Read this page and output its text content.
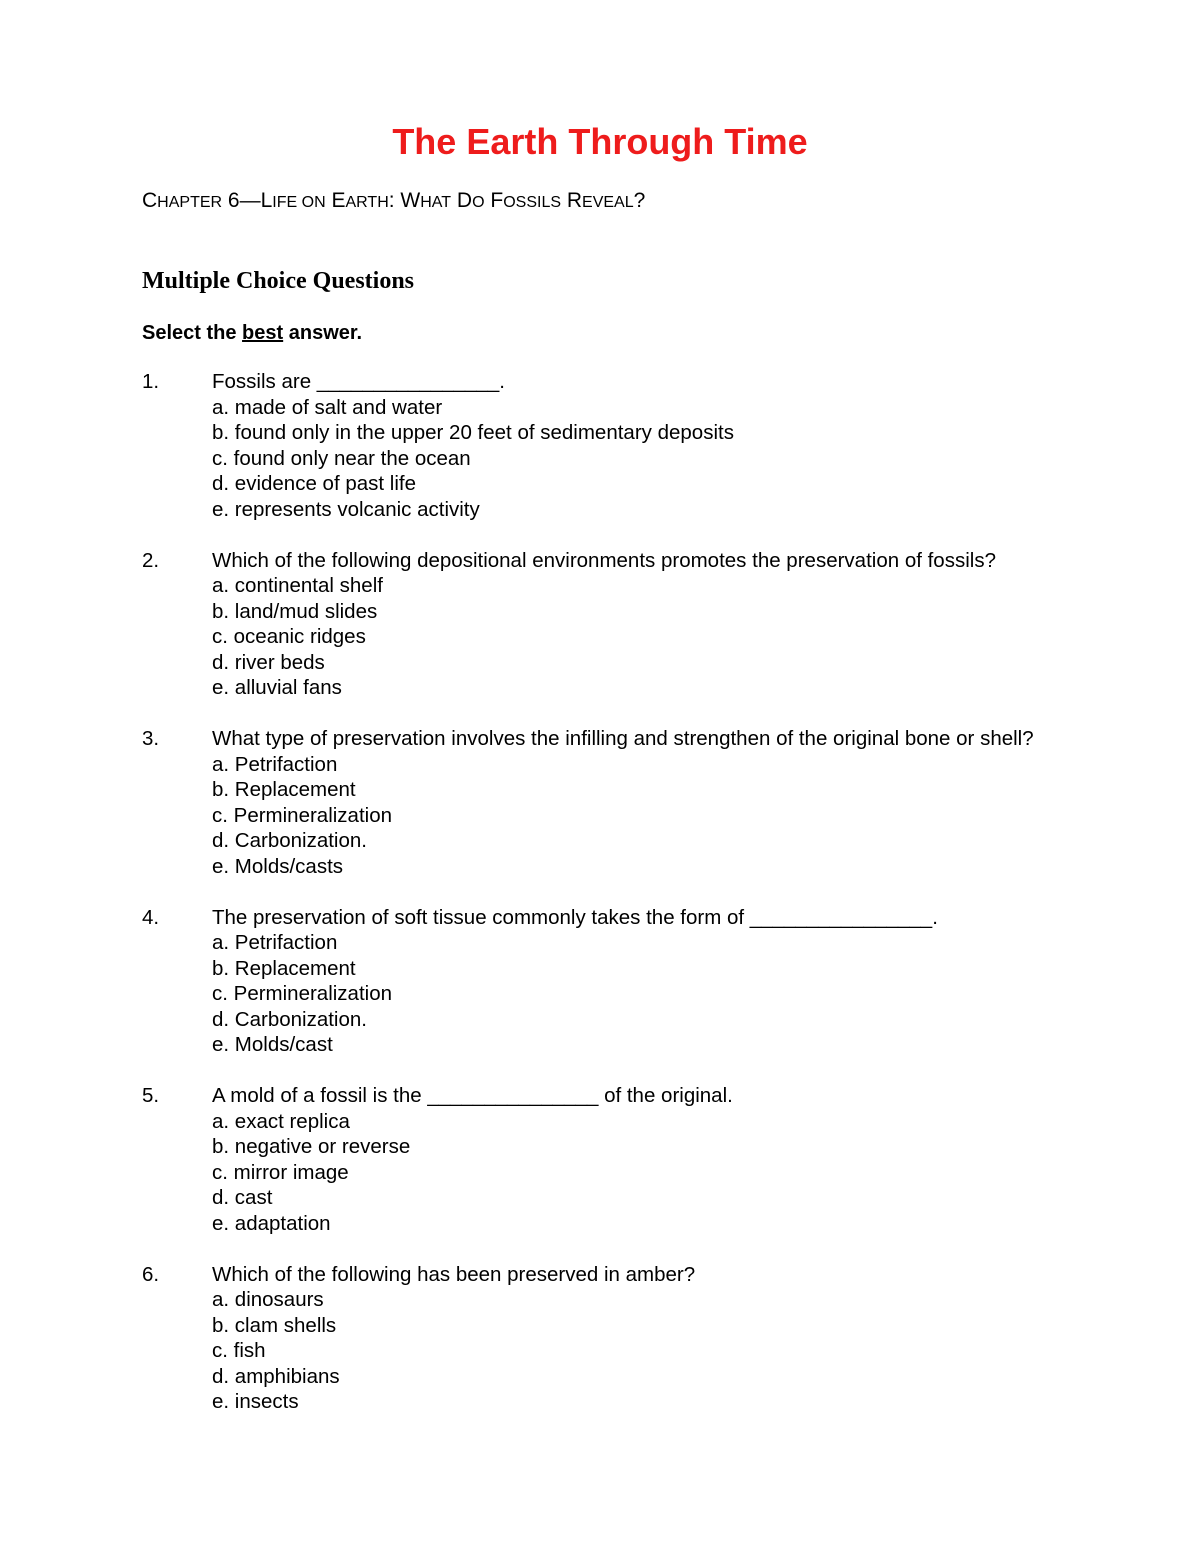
The Earth Through Time
CHAPTER 6—LIFE ON EARTH: WHAT DO FOSSILS REVEAL?
Multiple Choice Questions
Select the best answer.
1.	Fossils are ________________.
a. made of salt and water
b. found only in the upper 20 feet of sedimentary deposits
c. found only near the ocean
d. evidence of past life
e. represents volcanic activity
2.	Which of the following depositional environments promotes the preservation of fossils?
a. continental shelf
b. land/mud slides
c. oceanic ridges
d. river beds
e. alluvial fans
3.	What type of preservation involves the infilling and strengthen of the original bone or shell?
a. Petrifaction
b. Replacement
c. Permineralization
d. Carbonization.
e. Molds/casts
4.	The preservation of soft tissue commonly takes the form of ________________.
a. Petrifaction
b. Replacement
c. Permineralization
d. Carbonization.
e. Molds/cast
5.	A mold of a fossil is the _______________ of the original.
a. exact replica
b. negative or reverse
c. mirror image
d. cast
e. adaptation
6.	Which of the following has been preserved in amber?
a. dinosaurs
b. clam shells
c. fish
d. amphibians
e. insects
